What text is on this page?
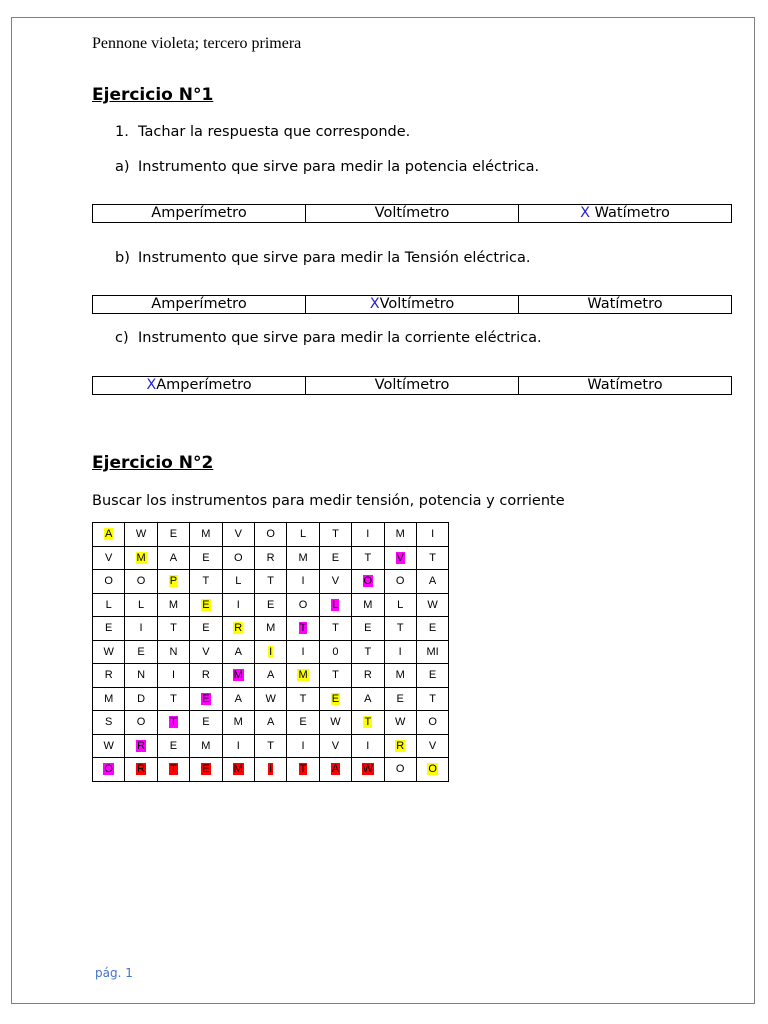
Pennone violeta; tercero primera
Ejercicio N°1
1. Tachar la respuesta que corresponde.
a) Instrumento que sirve para medir la potencia eléctrica.
Amperímetro	Voltímetro	X Watímetro
b) Instrumento que sirve para medir la Tensión eléctrica.
Amperímetro	XVoltímetro	Watímetro
c) Instrumento que sirve para medir la corriente eléctrica.
XAmperímetro	Voltímetro	Watímetro
Ejercicio N°2
Buscar los instrumentos para medir tensión, potencia y corriente
A	W	E	M	V	O	L	T	I	M	I
V	M	A	E	O	R	M	E	T	V	T
O	O	P	T	L	T	I	V	O	O	A
L	L	M	E	I	E	O	L	M	L	W
E	I	T	E	R	M	T	T	E	T	E
W	E	N	V	A	I	I	0	T	I	MI
R	N	I	R	M	A	M	T	R	M	E
M	D	T	E	A	W	T	E	A	E	T
S	O	T	E	M	A	E	W	T	W	O
W	R	E	M	I	T	I	V	I	R	V
O	R	T	E	M	I	T	A	W	O	O
pág. 1
